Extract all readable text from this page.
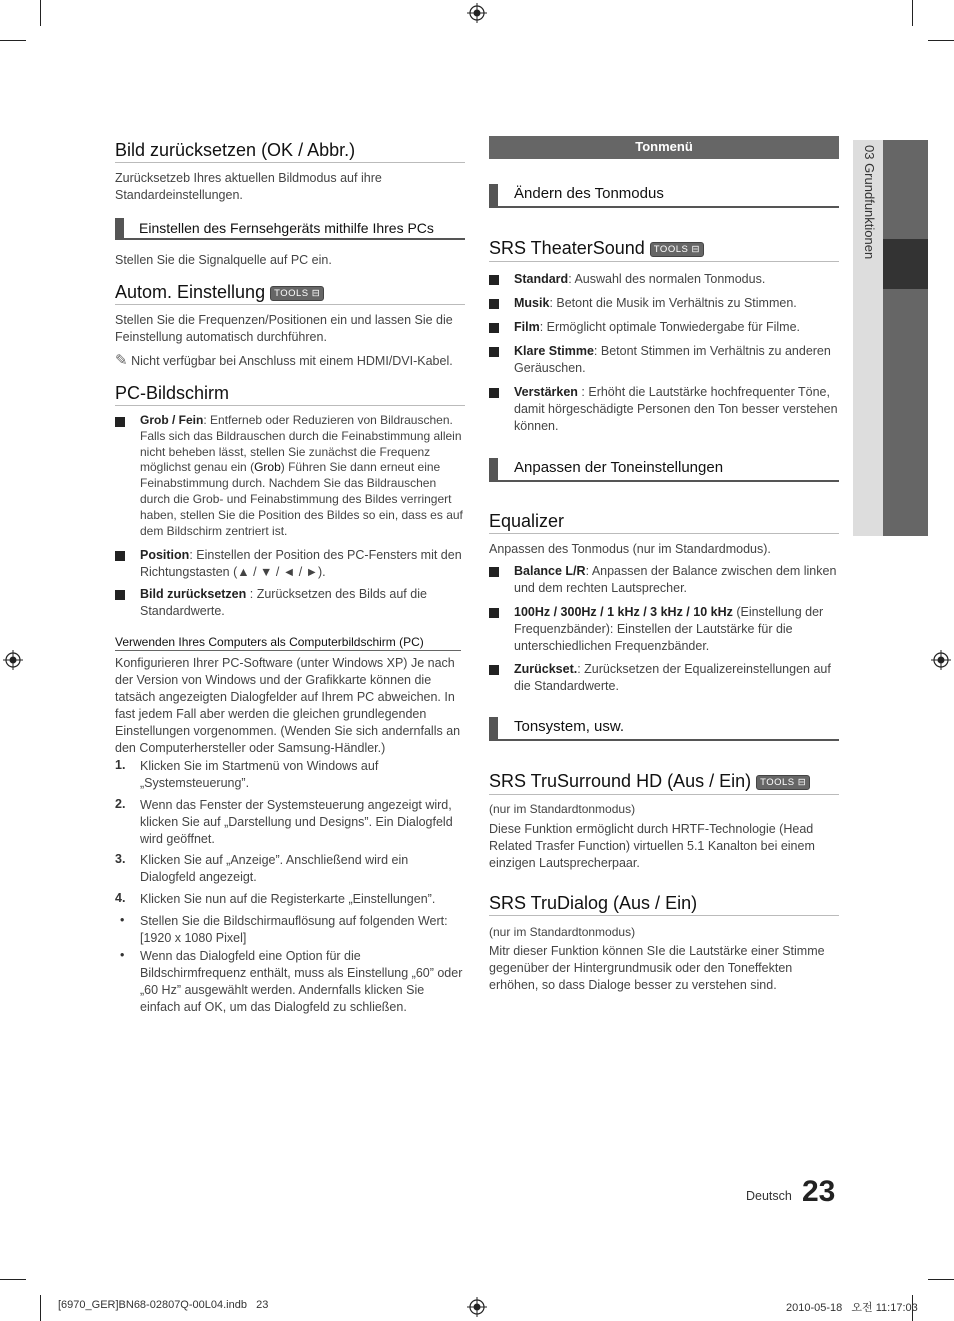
Bild zurücksetzen (OK / Abbr.)
Zurücksetzeb Ihres aktuellen Bildmodus auf ihre Standardeinstellungen.
Einstellen des Fernsehgeräts mithilfe Ihres PCs
Stellen Sie die Signalquelle auf PC ein.
Autom. Einstellung TOOLS ⊟
Stellen Sie die Frequenzen/Positionen ein und lassen Sie die Feinstellung automatisch durchführen.
✎ Nicht verfügbar bei Anschluss mit einem HDMI/DVI-Kabel.
PC-Bildschirm
Grob / Fein: Entferneb oder Reduzieren von Bildrauschen. Falls sich das Bildrauschen durch die Feinabstimmung allein nicht beheben lässt, stellen Sie zunächst die Frequenz möglichst genau ein (Grob) Führen Sie dann erneut eine Feinabstimmung durch. Nachdem Sie das Bildrauschen durch die Grob- und Feinabstimmung des Bildes verringert haben, stellen Sie die Position des Bildes so ein, dass es auf dem Bildschirm zentriert ist.
Position: Einstellen der Position des PC-Fensters mit den Richtungstasten (▲ / ▼ / ◄ / ►).
Bild zurücksetzen : Zurücksetzen des Bilds auf die Standardwerte.
Verwenden Ihres Computers als Computerbildschirm (PC)
Konfigurieren Ihrer PC-Software (unter Windows XP) Je nach der Version von Windows und der Grafikkarte können die tatsäch angezeigten Dialogfelder auf Ihrem PC abweichen. In fast jedem Fall aber werden die gleichen grundlegenden Einstellungen vorgenommen. (Wenden Sie sich andernfalls an den Computerhersteller oder Samsung-Händler.)
1. Klicken Sie im Startmenü von Windows auf „Systemsteuerung”.
2. Wenn das Fenster der Systemsteuerung angezeigt wird, klicken Sie auf „Darstellung und Designs”. Ein Dialogfeld wird geöffnet.
3. Klicken Sie auf „Anzeige”. Anschließend wird ein Dialogfeld angezeigt.
4. Klicken Sie nun auf die Registerkarte „Einstellungen”.
• Stellen Sie die Bildschirmauflösung auf folgenden Wert: [1920 x 1080 Pixel]
• Wenn das Dialogfeld eine Option für die Bildschirmfrequenz enthält, muss als Einstellung „60” oder „60 Hz” ausgewählt werden. Andernfalls klicken Sie einfach auf OK, um das Dialogfeld zu schließen.
Tonmenü
Ändern des Tonmodus
SRS TheaterSound TOOLS ⊟
Standard: Auswahl des normalen Tonmodus.
Musik: Betont die Musik im Verhältnis zu Stimmen.
Film: Ermöglicht optimale Tonwiedergabe für Filme.
Klare Stimme: Betont Stimmen im Verhältnis zu anderen Geräuschen.
Verstärken : Erhöht die Lautstärke hochfrequenter Töne, damit hörgeschädigte Personen den Ton besser verstehen können.
Anpassen der Toneinstellungen
Equalizer
Anpassen des Tonmodus (nur im Standardmodus).
Balance L/R: Anpassen der Balance zwischen dem linken und dem rechten Lautsprecher.
100Hz / 300Hz / 1 kHz / 3 kHz / 10 kHz (Einstellung der Frequenzbänder): Einstellen der Lautstärke für die unterschiedlichen Frequenzbänder.
Zurückset.: Zurücksetzen der Equalizereinstellungen auf die Standardwerte.
Tonsystem, usw.
SRS TruSurround HD (Aus / Ein) TOOLS ⊟
(nur im Standardtonmodus)
Diese Funktion ermöglicht durch HRTF-Technologie (Head Related Trasfer Function) virtuellen 5.1 Kanalton bei einem einzigen Lautsprecherpaar.
SRS TruDialog (Aus / Ein)
(nur im Standardtonmodus)
Mitr dieser Funktion können SIe die Lautstärke einer Stimme gegenüber der Hintergrundmusik oder den Toneffekten erhöhen, so dass Dialoge besser zu verstehen sind.
03 Grundfunktionen
Deutsch 23
[6970_GER]BN68-02807Q-00L04.indb   23	2010-05-18   오전 11:17:03
